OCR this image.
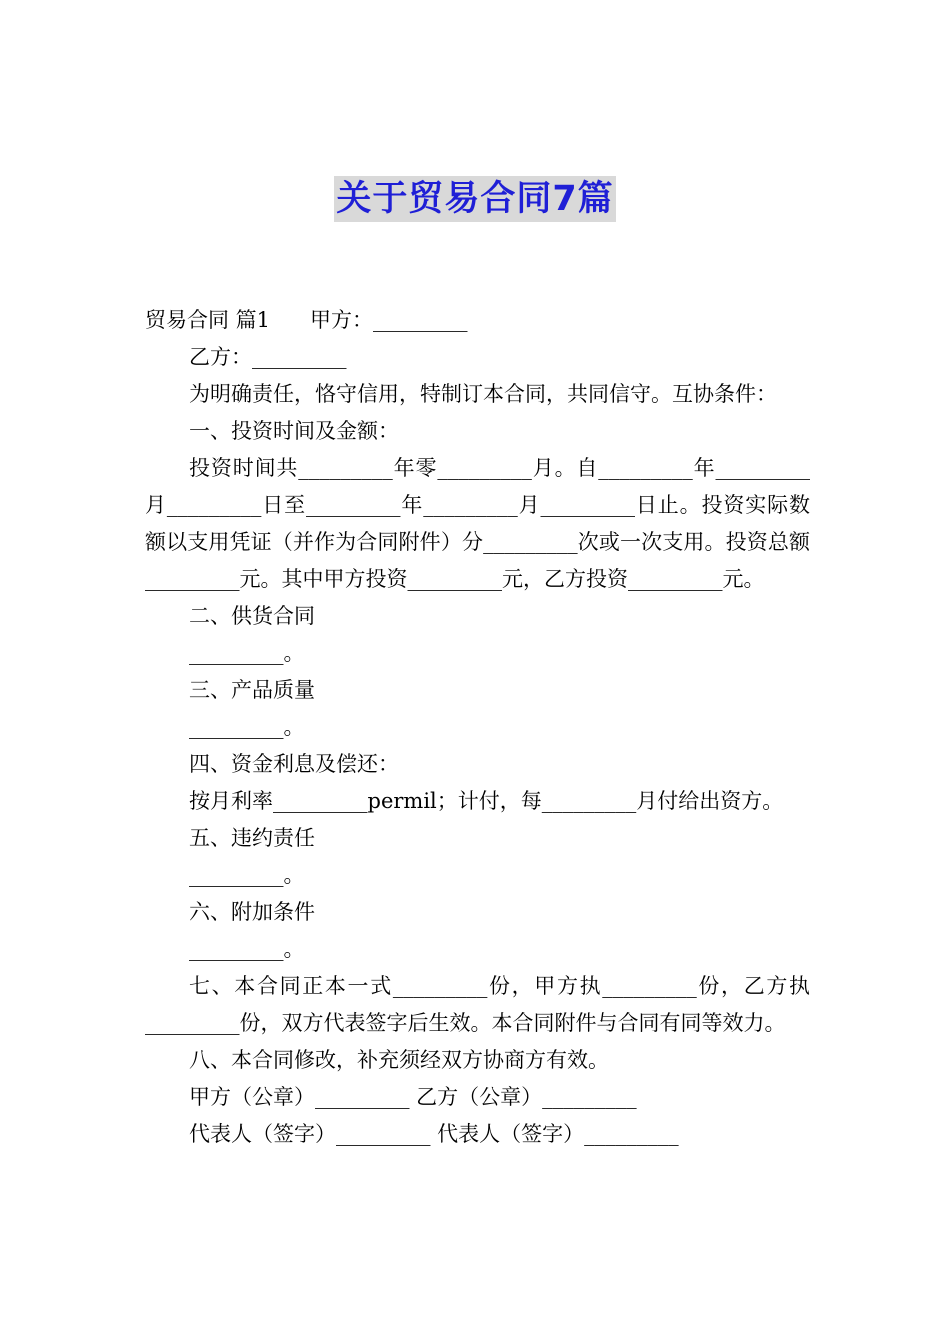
关于贸易合同7篇

贸易合同 篇1 甲方：_________

乙方：_________

为明确责任，恪守信用，特制订本合同，共同信守。互协条件：

一、投资时间及金额：

投资时间共_________年零_________月。自_________年_________月_________日至_________年_________月_________日止。投资实际数额以支用凭证（并作为合同附件）分_________次或一次支用。投资总额_________元。其中甲方投资_________元，乙方投资_________元。

二、供货合同

_________。

三、产品质量

_________。

四、资金利息及偿还：

按月利率_________permil；计付，每_________月付给出资方。

五、违约责任

_________。

六、附加条件

_________。

七、本合同正本一式_________份，甲方执_________份，乙方执_________份，双方代表签字后生效。本合同附件与合同有同等效力。

八、本合同修改，补充须经双方协商方有效。

甲方（公章）_________ 乙方（公章）_________

代表人（签字）_________ 代表人（签字）_________
